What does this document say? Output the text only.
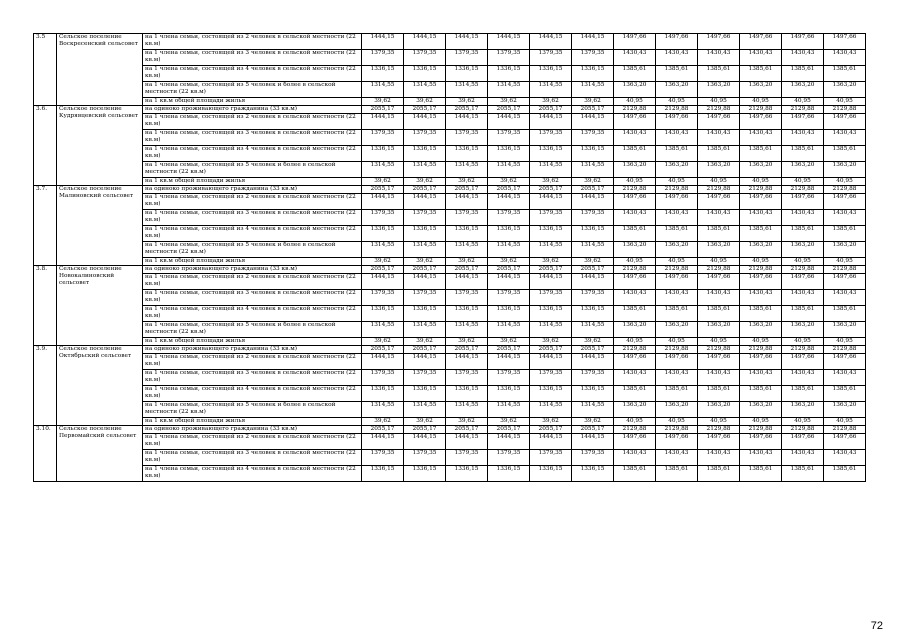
3.5	Сельское поселение Воскресенский сельсовет	на 1 члена семьи, состоящей из 2 человек в сельской местности (22 кв.м)	1444,15	1444,15	1444,15	1444,15	1444,15	1444,15	1497,66	1497,66	1497,66	1497,66	1497,66	1497,66
		на 1 члена семьи, состоящей из 3 человек в сельской местности (22 кв.м)	1379,35	1379,35	1379,35	1379,35	1379,35	1379,35	1430,43	1430,43	1430,43	1430,43	1430,43	1430,43
		на 1 члена семьи, состоящей из 4 человек в сельской местности (22 кв.м)	1336,15	1336,15	1336,15	1336,15	1336,15	1336,15	1385,61	1385,61	1385,61	1385,61	1385,61	1385,61
		на 1 члена семьи, состоящей из 5 человек и более в сельской местности (22 кв.м)	1314,55	1314,55	1314,55	1314,55	1314,55	1314,55	1363,20	1363,20	1363,20	1363,20	1363,20	1363,20
		на 1 кв.м общей площади жилья	39,62	39,62	39,62	39,62	39,62	39,62	40,95	40,95	40,95	40,95	40,95	40,95
3.6.	Сельское поселение Кудрявцевский сельсовет	на одиноко проживающего гражданина (33 кв.м)	2055,17	2055,17	2055,17	2055,17	2055,17	2055,17	2129,88	2129,88	2129,88	2129,88	2129,88	2129,88
		на 1 члена семьи, состоящей из 2 человек в сельской местности (22 кв.м)	1444,15	1444,15	1444,15	1444,15	1444,15	1444,15	1497,66	1497,66	1497,66	1497,66	1497,66	1497,66
		на 1 члена семьи, состоящей из 3 человек в сельской местности (22 кв.м)	1379,35	1379,35	1379,35	1379,35	1379,35	1379,35	1430,43	1430,43	1430,43	1430,43	1430,43	1430,43
		на 1 члена семьи, состоящей из 4 человек в сельской местности (22 кв.м)	1336,15	1336,15	1336,15	1336,15	1336,15	1336,15	1385,61	1385,61	1385,61	1385,61	1385,61	1385,61
		на 1 члена семьи, состоящей из 5 человек и более в сельской местности (22 кв.м)	1314,55	1314,55	1314,55	1314,55	1314,55	1314,55	1363,20	1363,20	1363,20	1363,20	1363,20	1363,20
		на 1 кв.м общей площади жилья	39,62	39,62	39,62	39,62	39,62	39,62	40,95	40,95	40,95	40,95	40,95	40,95
3.7.	Сельское поселение Малиновский сельсовет	на одиноко проживающего гражданина (33 кв.м)	2055,17	2055,17	2055,17	2055,17	2055,17	2055,17	2129,88	2129,88	2129,88	2129,88	2129,88	2129,88
		на 1 члена семьи, состоящей из 2 человек в сельской местности (22 кв.м)	1444,15	1444,15	1444,15	1444,15	1444,15	1444,15	1497,66	1497,66	1497,66	1497,66	1497,66	1497,66
		на 1 члена семьи, состоящей из 3 человек в сельской местности (22 кв.м)	1379,35	1379,35	1379,35	1379,35	1379,35	1379,35	1430,43	1430,43	1430,43	1430,43	1430,43	1430,43
		на 1 члена семьи, состоящей из 4 человек в сельской местности (22 кв.м)	1336,15	1336,15	1336,15	1336,15	1336,15	1336,15	1385,61	1385,61	1385,61	1385,61	1385,61	1385,61
		на 1 члена семьи, состоящей из 5 человек и более в сельской местности (22 кв.м)	1314,55	1314,55	1314,55	1314,55	1314,55	1314,55	1363,20	1363,20	1363,20	1363,20	1363,20	1363,20
		на 1 кв.м общей площади жилья	39,62	39,62	39,62	39,62	39,62	39,62	40,95	40,95	40,95	40,95	40,95	40,95
3.8.	Сельское поселение Новокалиновский сельсовет	на одиноко проживающего гражданина (33 кв.м)	2055,17	2055,17	2055,17	2055,17	2055,17	2055,17	2129,88	2129,88	2129,88	2129,88	2129,88	2129,88
		на 1 члена семьи, состоящей из 2 человек в сельской местности (22 кв.м)	1444,15	1444,15	1444,15	1444,15	1444,15	1444,15	1497,66	1497,66	1497,66	1497,66	1497,66	1497,66
		на 1 члена семьи, состоящей из 3 человек в сельской местности (22 кв.м)	1379,35	1379,35	1379,35	1379,35	1379,35	1379,35	1430,43	1430,43	1430,43	1430,43	1430,43	1430,43
		на 1 члена семьи, состоящей из 4 человек в сельской местности (22 кв.м)	1336,15	1336,15	1336,15	1336,15	1336,15	1336,15	1385,61	1385,61	1385,61	1385,61	1385,61	1385,61
		на 1 члена семьи, состоящей из 5 человек и более в сельской местности (22 кв.м)	1314,55	1314,55	1314,55	1314,55	1314,55	1314,55	1363,20	1363,20	1363,20	1363,20	1363,20	1363,20
		на 1 кв.м общей площади жилья	39,62	39,62	39,62	39,62	39,62	39,62	40,95	40,95	40,95	40,95	40,95	40,95
3.9.	Сельское поселение Октябрьский сельсовет	на одиноко проживающего гражданина (33 кв.м)	2055,17	2055,17	2055,17	2055,17	2055,17	2055,17	2129,88	2129,88	2129,88	2129,88	2129,88	2129,88
		на 1 члена семьи, состоящей из 2 человек в сельской местности (22 кв.м)	1444,15	1444,15	1444,15	1444,15	1444,15	1444,15	1497,66	1497,66	1497,66	1497,66	1497,66	1497,66
		на 1 члена семьи, состоящей из 3 человек в сельской местности (22 кв.м)	1379,35	1379,35	1379,35	1379,35	1379,35	1379,35	1430,43	1430,43	1430,43	1430,43	1430,43	1430,43
		на 1 члена семьи, состоящей из 4 человек в сельской местности (22 кв.м)	1336,15	1336,15	1336,15	1336,15	1336,15	1336,15	1385,61	1385,61	1385,61	1385,61	1385,61	1385,61
		на 1 члена семьи, состоящей из 5 человек и более в сельской местности (22 кв.м)	1314,55	1314,55	1314,55	1314,55	1314,55	1314,55	1363,20	1363,20	1363,20	1363,20	1363,20	1363,20
		на 1 кв.м общей площади жилья	39,62	39,62	39,62	39,62	39,62	39,62	40,95	40,95	40,95	40,95	40,95	40,95
3.10.	Сельское поселение Первомайский сельсовет	на одиноко проживающего гражданина (33 кв.м)	2055,17	2055,17	2055,17	2055,17	2055,17	2055,17	2129,88	2129,88	2129,88	2129,88	2129,88	2129,88
		на 1 члена семьи, состоящей из 2 человек в сельской местности (22 кв.м)	1444,15	1444,15	1444,15	1444,15	1444,15	1444,15	1497,66	1497,66	1497,66	1497,66	1497,66	1497,66
		на 1 члена семьи, состоящей из 3 человек в сельской местности (22 кв.м)	1379,35	1379,35	1379,35	1379,35	1379,35	1379,35	1430,43	1430,43	1430,43	1430,43	1430,43	1430,43
		на 1 члена семьи, состоящей из 4 человек в сельской местности (22 кв.м)	1336,15	1336,15	1336,15	1336,15	1336,15	1336,15	1385,61	1385,61	1385,61	1385,61	1385,61	1385,61
72
